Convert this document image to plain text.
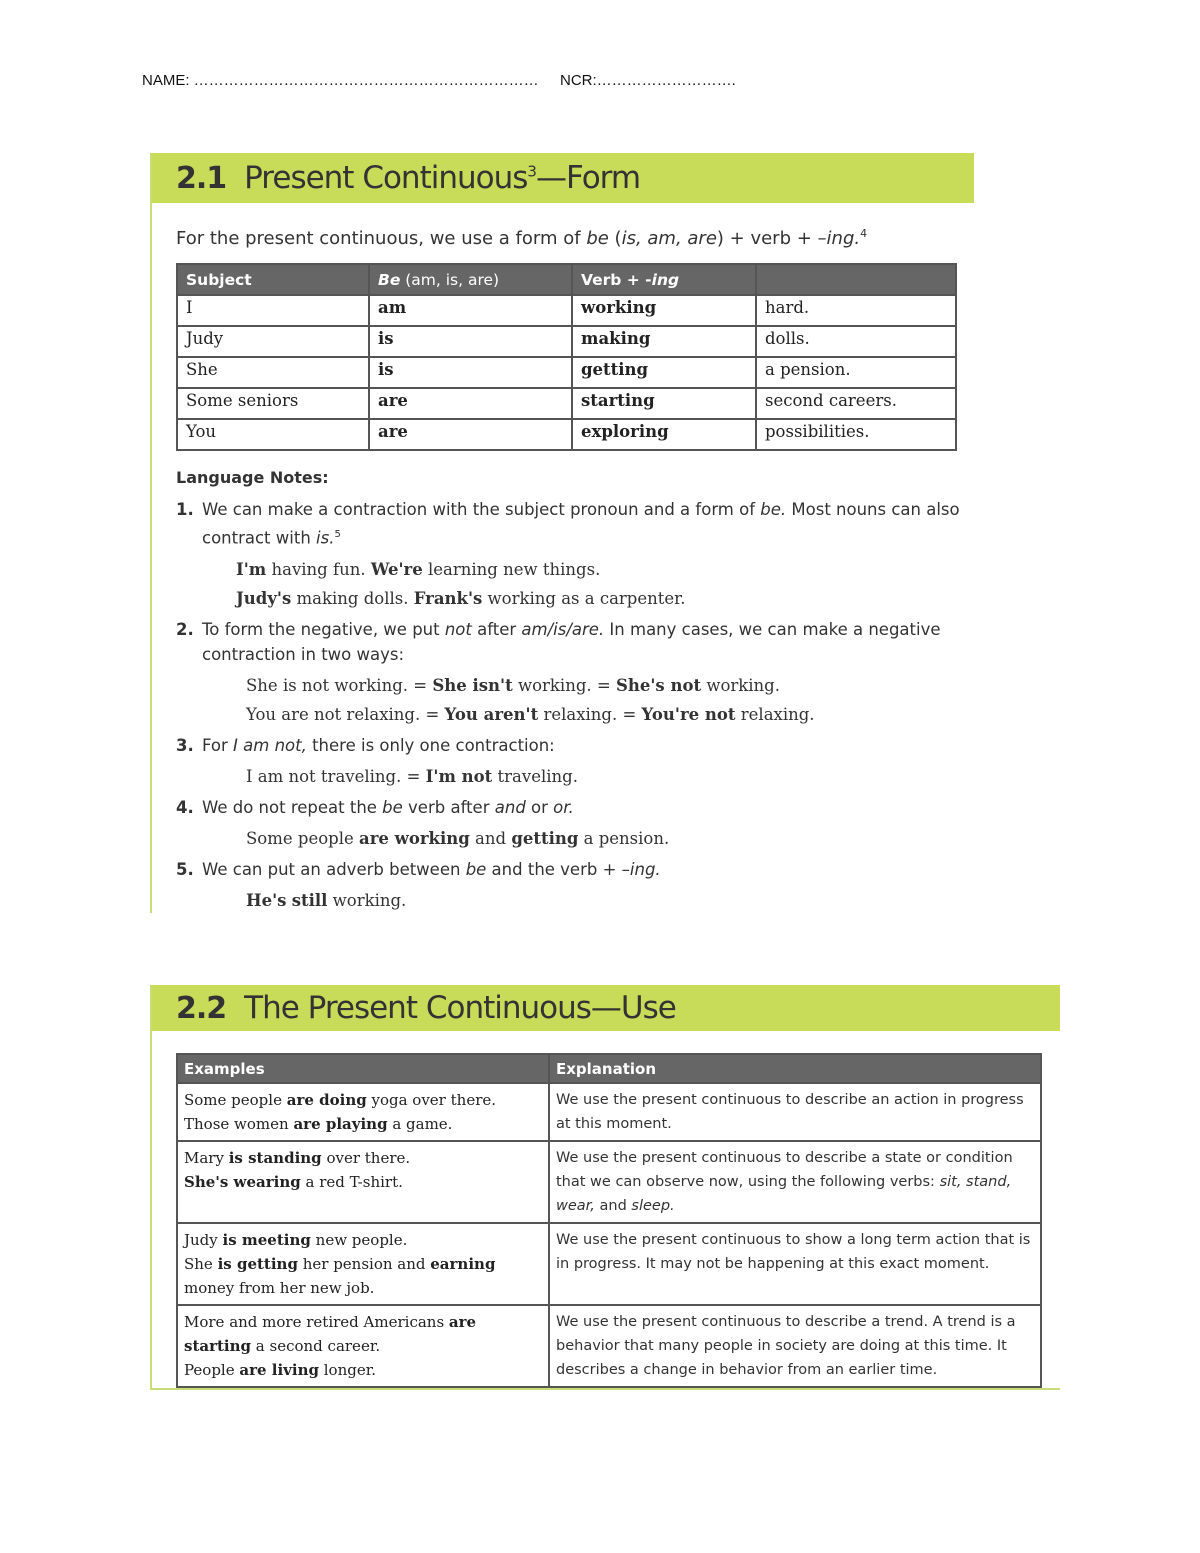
NAME: …………………………………………………………… NCR:……………………….
2.1 Present Continuous$^3$—Form
For the present continuous, we use a form of be (is, am, are) + verb + –ing.$^4$
Subject	Be (am, is, are)	Verb + -ing	
I	am	working	hard.
Judy	is	making	dolls.
She	is	getting	a pension.
Some seniors	are	starting	second careers.
You	are	exploring	possibilities.
Language Notes:
1. We can make a contraction with the subject pronoun and a form of be. Most nouns can also contract with is.$^5$
I'm having fun. We're learning new things.
Judy's making dolls. Frank's working as a carpenter.
2. To form the negative, we put not after am/is/are. In many cases, we can make a negative contraction in two ways:
She is not working. = She isn't working. = She's not working.
You are not relaxing. = You aren't relaxing. = You're not relaxing.
3. For I am not, there is only one contraction:
I am not traveling. = I'm not traveling.
4. We do not repeat the be verb after and or or.
Some people are working and getting a pension.
5. We can put an adverb between be and the verb + –ing.
He's still working.
2.2 The Present Continuous—Use
Examples	Explanation

Some people are doing yoga over there.
Those women are playing a game.	We use the present continuous to describe an action in progress at this moment.

Mary is standing over there.
She's wearing a red T-shirt.	We use the present continuous to describe a state or condition that we can observe now, using the following verbs: sit, stand, wear, and sleep.

Judy is meeting new people.
She is getting her pension and earning
money from her new job.	We use the present continuous to show a long term action that is in progress. It may not be happening at this exact moment.

More and more retired Americans are
starting a second career.
People are living longer.	We use the present continuous to describe a trend. A trend is a behavior that many people in society are doing at this time. It describes a change in behavior from an earlier time.
